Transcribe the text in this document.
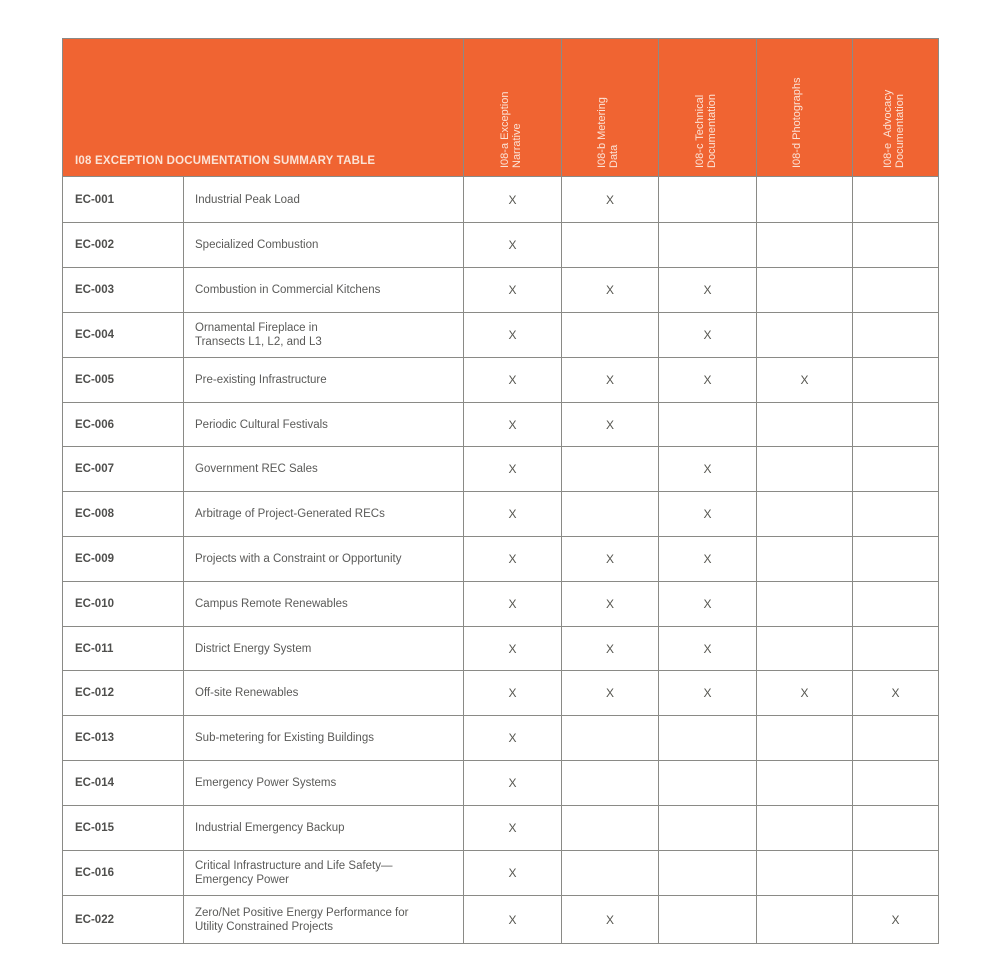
I08 EXCEPTION DOCUMENTATION SUMMARY TABLE		I08-a Exception
Narrative	I08-b Metering
Data	I08-c Technical
Documentation	I08-d Photographs	I08-e  Advocacy
Documentation

EC-001	Industrial Peak Load	X	X			
EC-002	Specialized Combustion	X				
EC-003	Combustion in Commercial Kitchens	X	X	X		
EC-004	Ornamental Fireplace in
Transects L1, L2, and L3	X		X		
EC-005	Pre-existing Infrastructure	X	X	X	X	
EC-006	Periodic Cultural Festivals	X	X			
EC-007	Government REC Sales	X		X		
EC-008	Arbitrage of Project-Generated RECs	X		X		
EC-009	Projects with a Constraint or Opportunity	X	X	X		
EC-010	Campus Remote Renewables	X	X	X		
EC-011	District Energy System	X	X	X		
EC-012	Off-site Renewables	X	X	X	X	X
EC-013	Sub-metering for Existing Buildings	X				
EC-014	Emergency Power Systems	X				
EC-015	Industrial Emergency Backup	X				
EC-016	Critical Infrastructure and Life Safety—
Emergency Power	X				
EC-022	Zero/Net Positive Energy Performance for
Utility Constrained Projects	X	X			X
